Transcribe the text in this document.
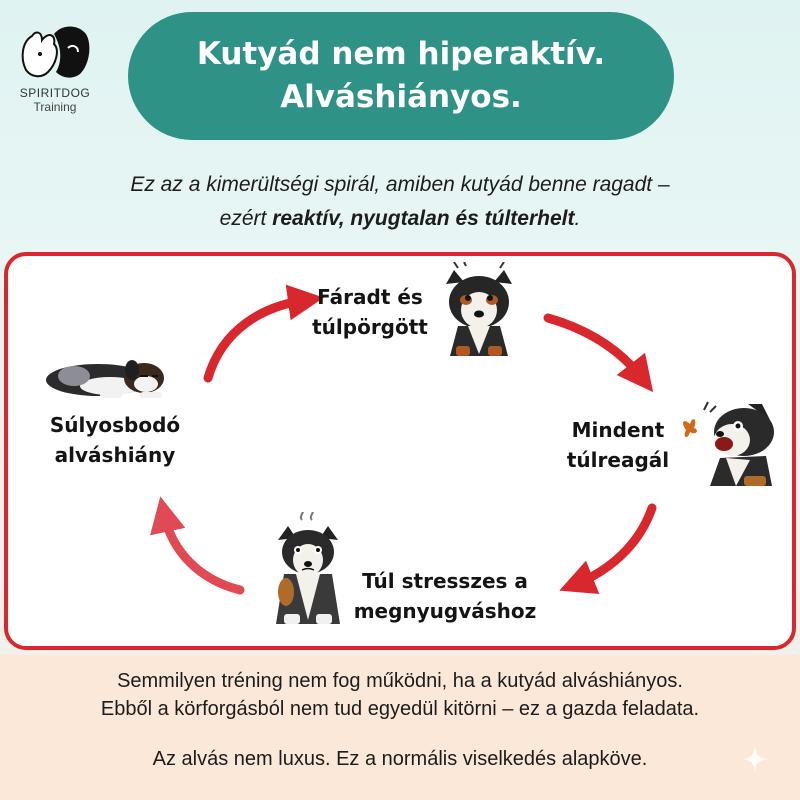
SPIRITDOG
Training
Kutyád nem hiperaktív.
Alváshiányos.
Ez az a kimerültségi spirál, amiben kutyád benne ragadt –
ezért reaktív, nyugtalan és túlterhelt.
Fáradt és
túlpörgött
Mindent
túlreagál
Túl stresszes a
megnyugváshoz
Súlyosbodó
alváshiány
Semmilyen tréning nem fog működni, ha a kutyád alváshiányos.
Ebből a körforgásból nem tud egyedül kitörni – ez a gazda feladata.
Az alvás nem luxus. Ez a normális viselkedés alapköve.
